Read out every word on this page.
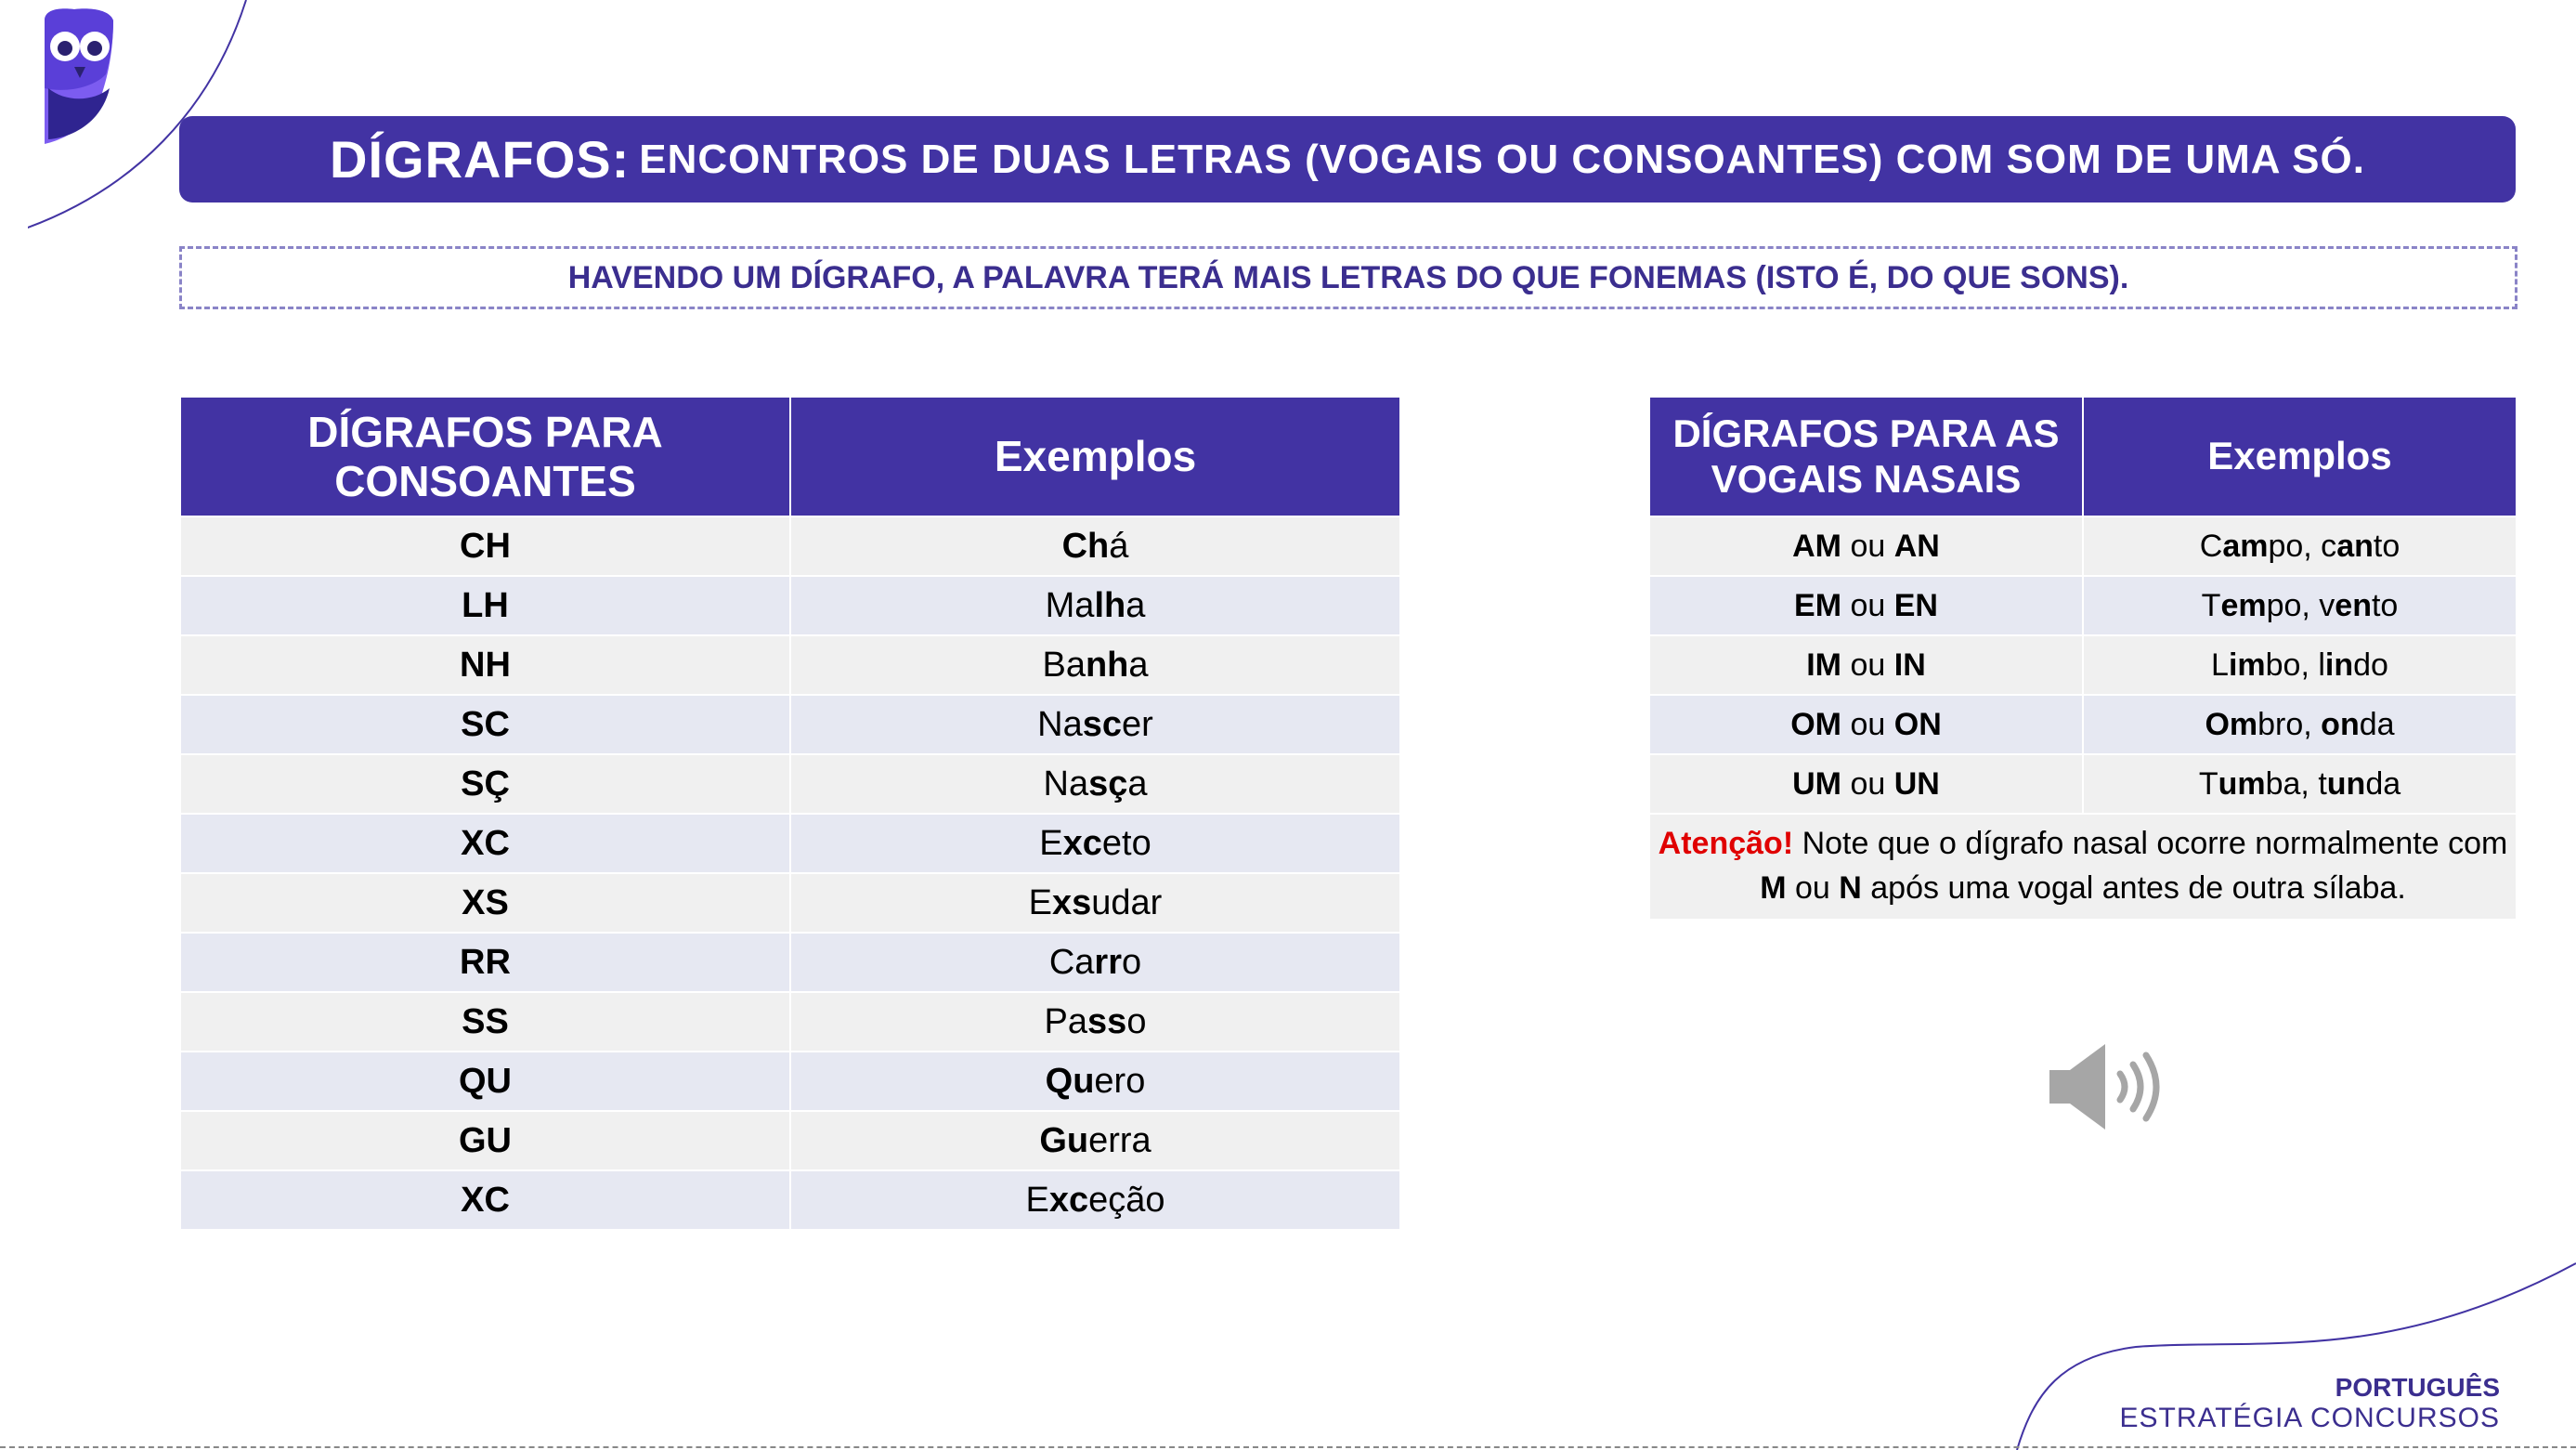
DÍGRAFOS: ENCONTROS DE DUAS LETRAS (VOGAIS OU CONSOANTES) COM SOM DE UMA SÓ.
HAVENDO UM DÍGRAFO, A PALAVRA TERÁ MAIS LETRAS DO QUE FONEMAS (ISTO É, DO QUE SONS).
DÍGRAFOS PARA CONSOANTES	Exemplos
CH	Chá
LH	Malha
NH	Banha
SC	Nascer
SÇ	Nasça
XC	Exceto
XS	Exsudar
RR	Carro
SS	Passo
QU	Quero
GU	Guerra
XC	Exceção
DÍGRAFOS PARA AS VOGAIS NASAIS	Exemplos
AM ou AN	Campo, canto
EM ou EN	Tempo, vento
IM ou IN	Limbo, lindo
OM ou ON	Ombro, onda
UM ou UN	Tumba, tunda
Atenção! Note que o dígrafo nasal ocorre normalmente com M ou N após uma vogal antes de outra sílaba.	
PORTUGUÊS
ESTRATÉGIA CONCURSOS
